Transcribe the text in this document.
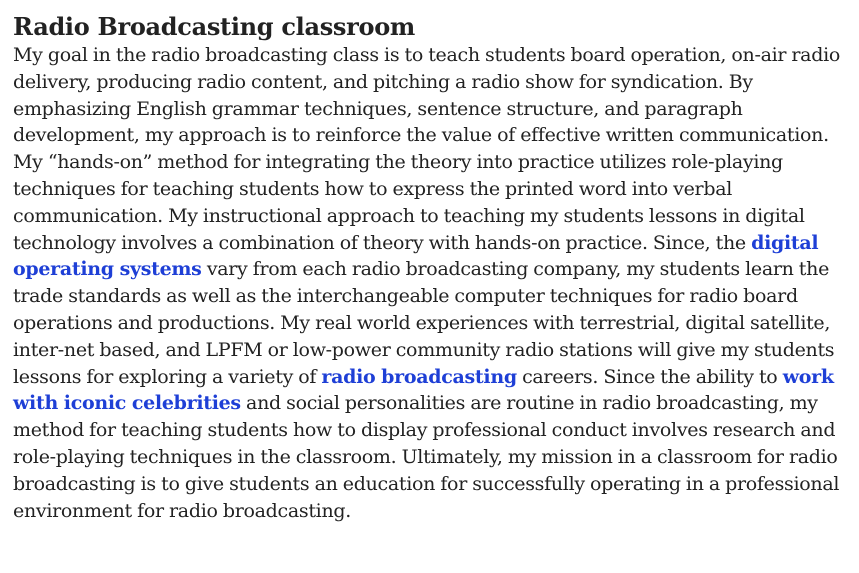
Radio Broadcasting classroom

My goal in the radio broadcasting class is to teach students board operation, on-air radio delivery, producing radio content, and pitching a radio show for syndication. By emphasizing English grammar techniques, sentence structure, and paragraph development, my approach is to reinforce the value of effective written communication. My “hands-on” method for integrating the theory into practice utilizes role-playing techniques for teaching students how to express the printed word into verbal communication. My instructional approach to teaching my students lessons in digital technology involves a combination of theory with hands-on practice. Since, the digital operating systems vary from each radio broadcasting company, my students learn the trade standards as well as the interchangeable computer techniques for radio board operations and productions. My real world experiences with terrestrial, digital satellite, inter-net based, and LPFM or low-power community radio stations will give my students lessons for exploring a variety of radio broadcasting careers. Since the ability to work with iconic celebrities and social personalities are routine in radio broadcasting, my method for teaching students how to display professional conduct involves research and role-playing techniques in the classroom. Ultimately, my mission in a classroom for radio broadcasting is to give students an education for successfully operating in a professional environment for radio broadcasting.
